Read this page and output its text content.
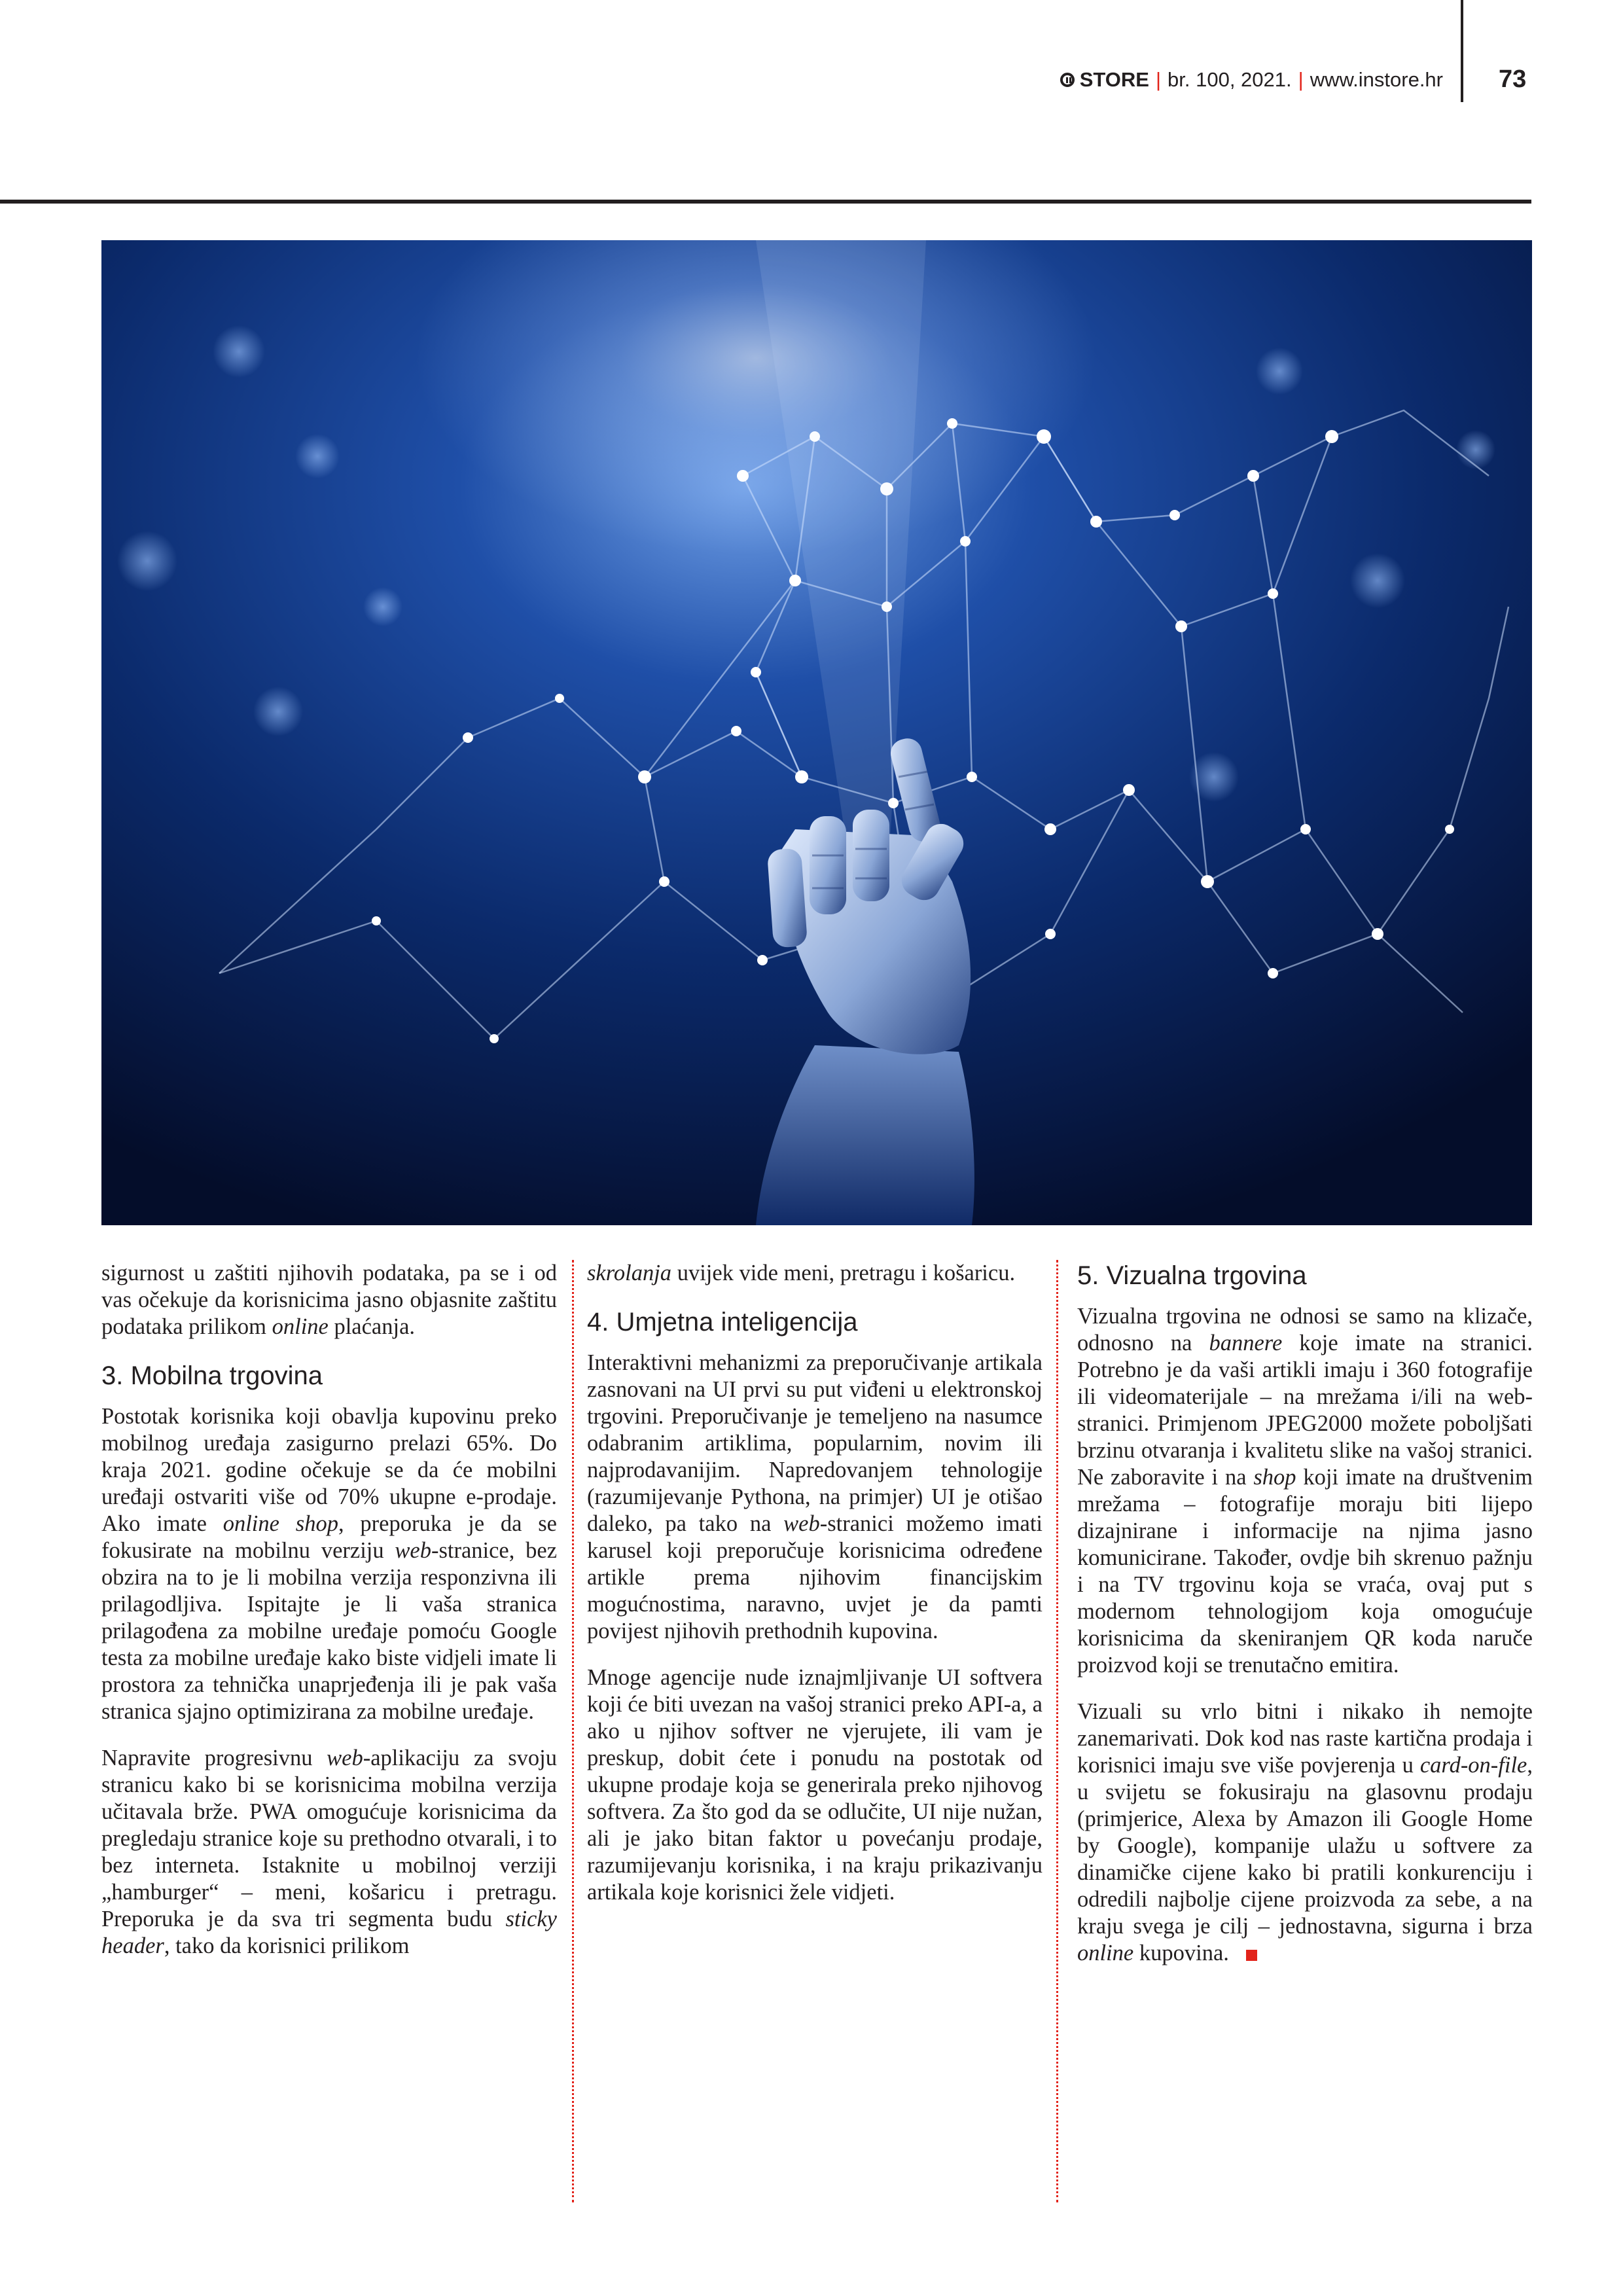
STORE | br. 100, 2021. | www.instore.hr 73

sigurnost u zaštiti njihovih podataka, pa se i od vas očekuje da korisnicima jasno objasnite zaštitu podataka prilikom online plaćanja.

3. Mobilna trgovina

Postotak korisnika koji obavlja kupovinu preko mobilnog uređaja zasigurno prelazi 65%. Do kraja 2021. godine očekuje se da će mobilni uređaji ostvariti više od 70% ukupne e-prodaje. Ako imate online shop, preporuka je da se fokusirate na mobilnu verziju web-stranice, bez obzira na to je li mobilna verzija responzivna ili prilagodljiva. Ispitajte je li vaša stranica prilagođena za mobilne uređaje pomoću Google testa za mobilne uređaje kako biste vidjeli imate li prostora za tehnička unaprjeđenja ili je pak vaša stranica sjajno optimizirana za mobilne uređaje.

Napravite progresivnu web-aplikaciju za svoju stranicu kako bi se korisnicima mobilna verzija učitavala brže. PWA omogućuje korisnicima da pregledaju stranice koje su prethodno otvarali, i to bez interneta. Istaknite u mobilnoj verziji „hamburger“ – meni, košaricu i pretragu. Preporuka je da sva tri segmenta budu sticky header, tako da korisnici prilikom

skrolanja uvijek vide meni, pretragu i košaricu.

4. Umjetna inteligencija

Interaktivni mehanizmi za preporučivanje artikala zasnovani na UI prvi su put viđeni u elektronskoj trgovini. Preporučivanje je temeljeno na nasumce odabranim artiklima, popularnim, novim ili najprodavanijim. Napredovanjem tehnologije (razumijevanje Pythona, na primjer) UI je otišao daleko, pa tako na web-stranici možemo imati karusel koji preporučuje korisnicima određene artikle prema njihovim financijskim mogućnostima, naravno, uvjet je da pamti povijest njihovih prethodnih kupovina.

Mnoge agencije nude iznajmljivanje UI softvera koji će biti uvezan na vašoj stranici preko API-a, a ako u njihov softver ne vjerujete, ili vam je preskup, dobit ćete i ponudu na postotak od ukupne prodaje koja se generirala preko njihovog softvera. Za što god da se odlučite, UI nije nužan, ali je jako bitan faktor u povećanju prodaje, razumijevanju korisnika, i na kraju prikazivanju artikala koje korisnici žele vidjeti.

5. Vizualna trgovina

Vizualna trgovina ne odnosi se samo na klizače, odnosno na bannere koje imate na stranici. Potrebno je da vaši artikli imaju i 360 fotografije ili videomaterijale – na mrežama i/ili na web-stranici. Primjenom JPEG2000 možete poboljšati brzinu otvaranja i kvalitetu slike na vašoj stranici. Ne zaboravite i na shop koji imate na društvenim mrežama – fotografije moraju biti lijepo dizajnirane i informacije na njima jasno komunicirane. Također, ovdje bih skrenuo pažnju i na TV trgovinu koja se vraća, ovaj put s modernom tehnologijom koja omogućuje korisnicima da skeniranjem QR koda naruče proizvod koji se trenutačno emitira.

Vizuali su vrlo bitni i nikako ih nemojte zanemarivati. Dok kod nas raste kartična prodaja i korisnici imaju sve više povjerenja u card-on-file, u svijetu se fokusiraju na glasovnu prodaju (primjerice, Alexa by Amazon ili Google Home by Google), kompanije ulažu u softvere za dinamičke cijene kako bi pratili konkurenciju i odredili najbolje cijene proizvoda za sebe, a na kraju svega je cilj – jednostavna, sigurna i brza online kupovina.
